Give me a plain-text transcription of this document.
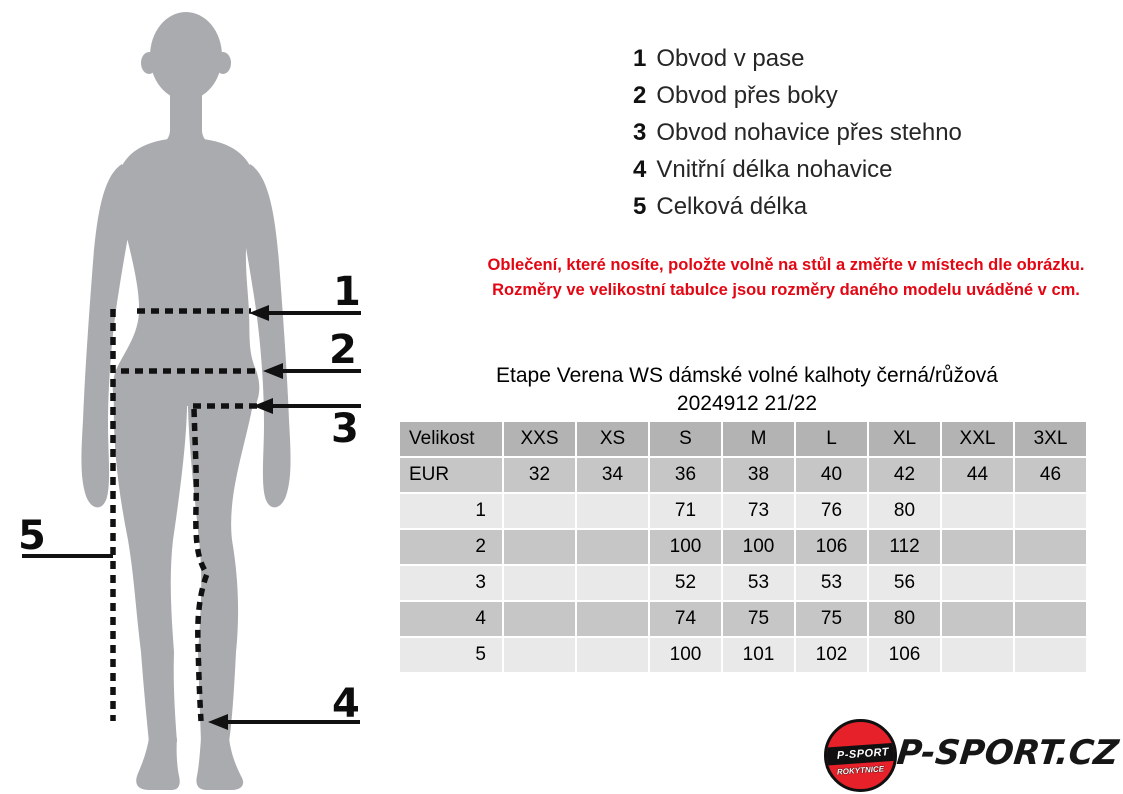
1
2
3
4
5
1 Obvod v pase
2 Obvod přes boky
3 Obvod nohavice přes stehno
4 Vnitřní délka nohavice
5 Celková délka
Oblečení, které nosíte, položte volně na stůl a změřte v místech dle obrázku.
Rozměry ve velikostní tabulce jsou rozměry daného modelu uváděné v cm.
Etape Verena WS dámské volné kalhoty černá/růžová
2024912 21/22
Velikost	XXS	XS	S	M	L	XL	XXL	3XL
EUR	32	34	36	38	40	42	44	46
1			71	73	76	80		
2			100	100	106	112		
3			52	53	53	56		
4			74	75	75	80		
5			100	101	102	106		
P-SPORT
ROKYTNICE P-SPORT.CZ
